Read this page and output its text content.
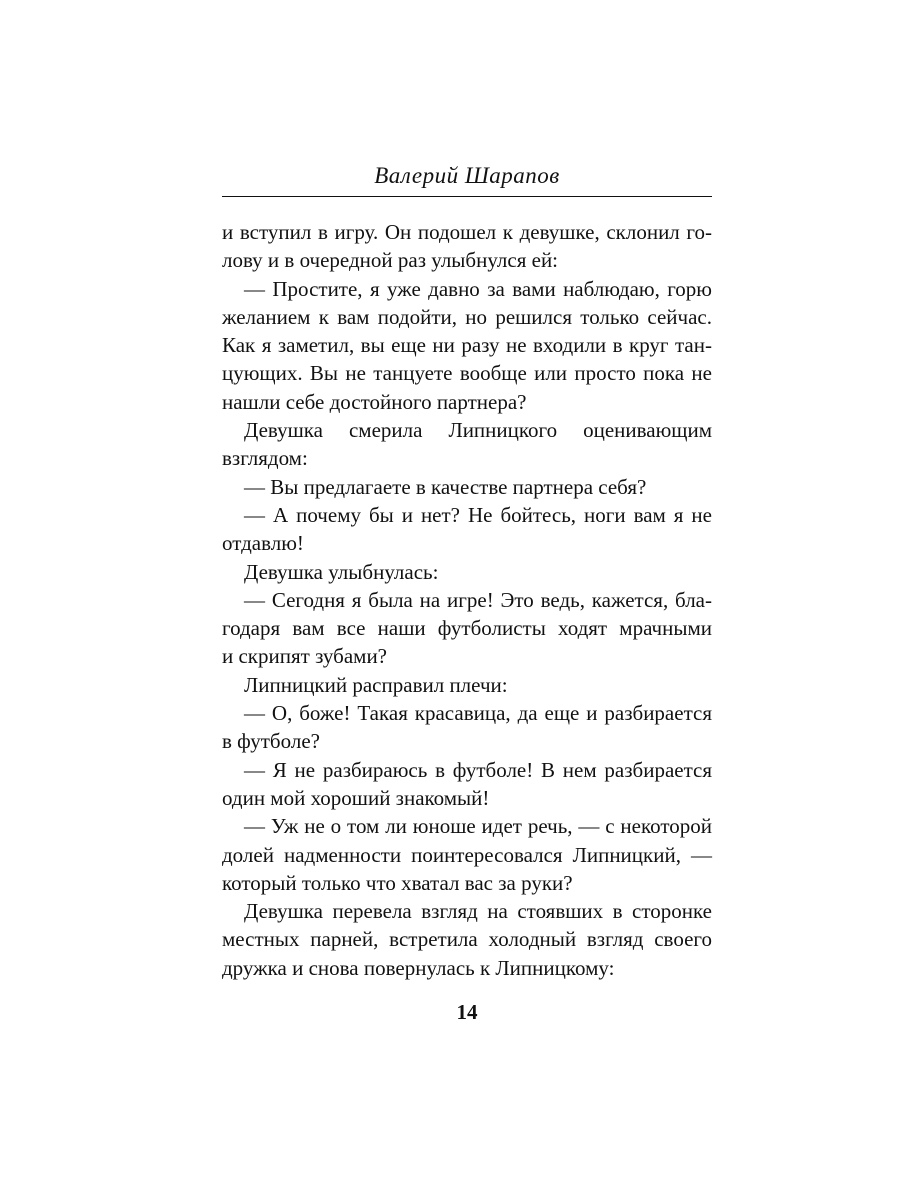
Валерий Шарапов
и вступил в игру. Он подошел к девушке, склонил го-
лову и в очередной раз улыбнулся ей:
— Простите, я уже давно за вами наблюдаю, горю
желанием к вам подойти, но решился только сейчас.
Как я заметил, вы еще ни разу не входили в круг тан-
цующих. Вы не танцуете вообще или просто пока не
нашли себе достойного партнера?
Девушка смерила Липницкого оценивающим
взглядом:
— Вы предлагаете в качестве партнера себя?
— А почему бы и нет? Не бойтесь, ноги вам я не
отдавлю!
Девушка улыбнулась:
— Сегодня я была на игре! Это ведь, кажется, бла-
годаря вам все наши футболисты ходят мрачными
и скрипят зубами?
Липницкий расправил плечи:
— О, боже! Такая красавица, да еще и разбирается
в футболе?
— Я не разбираюсь в футболе! В нем разбирается
один мой хороший знакомый!
— Уж не о том ли юноше идет речь, — с некоторой
долей надменности поинтересовался Липницкий, —
который только что хватал вас за руки?
Девушка перевела взгляд на стоявших в сторонке
местных парней, встретила холодный взгляд своего
дружка и снова повернулась к Липницкому:
14
